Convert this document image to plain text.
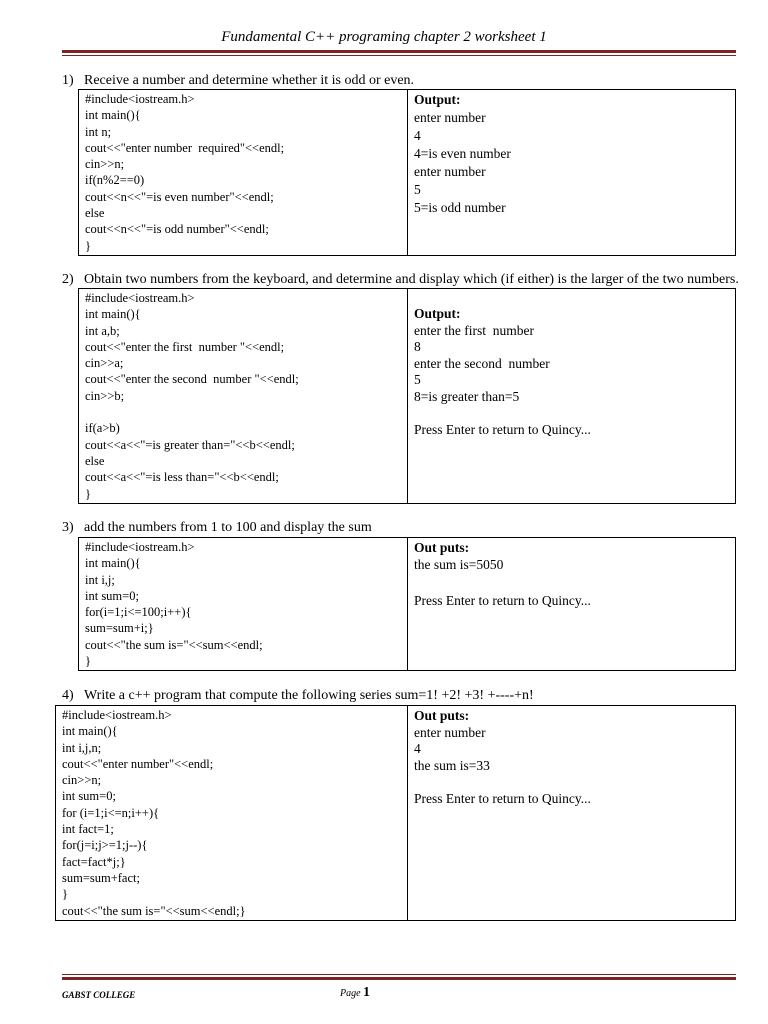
Fundamental C++ programing chapter 2 worksheet 1
1) Receive a number and determine whether it is odd or even.
#include<iostream.h>
int main(){
int n;
cout<<"enter number  required"<<endl;
cin>>n;
if(n%2==0)
cout<<n<<"=is even number"<<endl;
else
cout<<n<<"=is odd number"<<endl;
}

Output:
enter number
4
4=is even number
enter number
5
5=is odd number
2) Obtain two numbers from the keyboard, and determine and display which (if either) is the larger of the two numbers.
#include<iostream.h>
int main(){
int a,b;
cout<<"enter the first  number "<<endl;
cin>>a;
cout<<"enter the second  number "<<endl;
cin>>b;
if(a>b)
cout<<a<<"=is greater than="<<b<<endl;
else
cout<<a<<"=is less than="<<b<<endl;
}

Output:
enter the first  number
8
enter the second  number
5
8=is greater than=5
Press Enter to return to Quincy...
3) add the numbers from 1 to 100 and display the sum
#include<iostream.h>
int main(){
int i,j;
int sum=0;
for(i=1;i<=100;i++){
sum=sum+i;}
cout<<"the sum is="<<sum<<endl;
}

Out puts:
the sum is=5050
Press Enter to return to Quincy...
4) Write a c++ program that compute the following series sum=1! +2! +3! +----+n!
#include<iostream.h>
int main(){
int i,j,n;
cout<<"enter number"<<endl;
cin>>n;
int sum=0;
for (i=1;i<=n;i++){
int fact=1;
for(j=i;j>=1;j--){
fact=fact*j;}
sum=sum+fact;
}
cout<<"the sum is="<<sum<<endl;}

Out puts:
enter number
4
the sum is=33
Press Enter to return to Quincy...
GABST COLLEGE	Page 1
